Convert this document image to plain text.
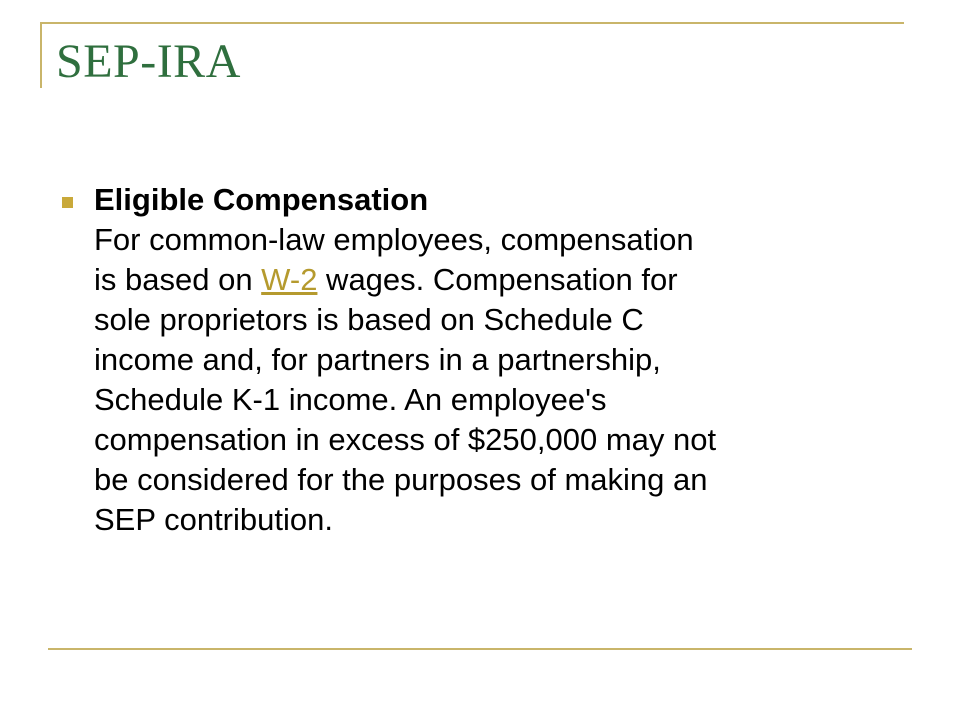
SEP-IRA
Eligible Compensation
For common-law employees, compensation
is based on W-2 wages. Compensation for
sole proprietors is based on Schedule C
income and, for partners in a partnership,
Schedule K-1 income. An employee's
compensation in excess of $250,000 may not
be considered for the purposes of making an
SEP contribution.
